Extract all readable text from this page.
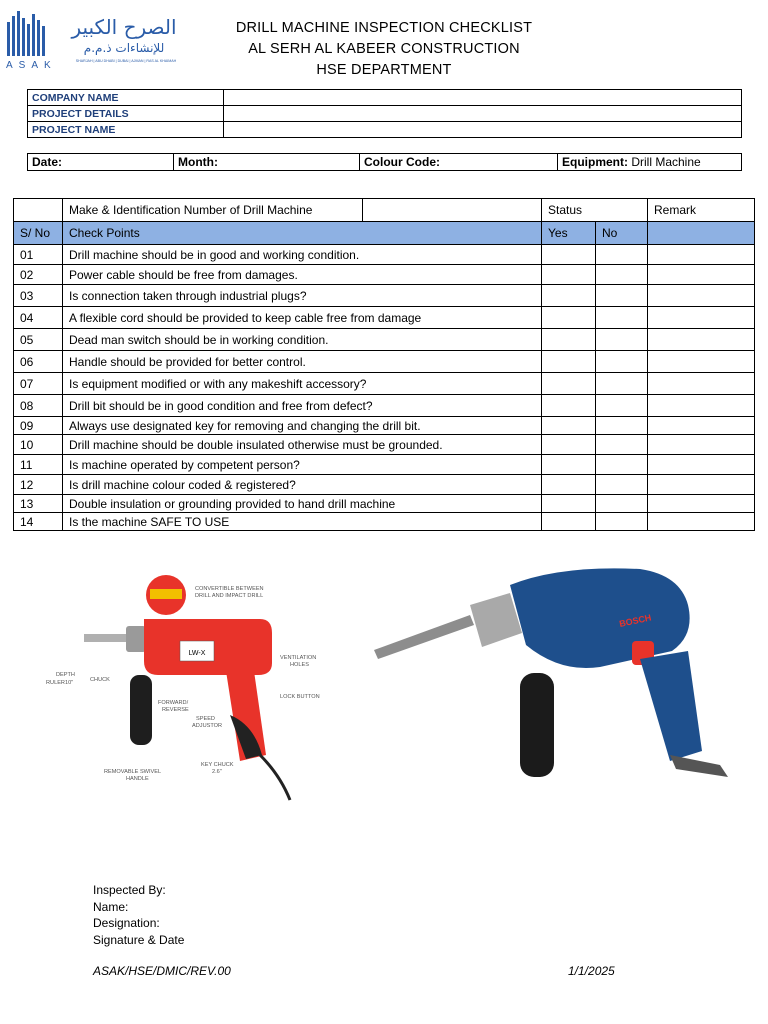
ASAK
الصرح الكبير
للإنشاءات ذ.م.م
SHARJAH | ABU DHABI | DUBAI | AJMAN | RAS AL KHAIMAH
DRILL MACHINE INSPECTION CHECKLIST
AL SERH AL KABEER CONSTRUCTION
HSE DEPARTMENT
COMPANY NAME	
PROJECT DETAILS	
PROJECT NAME	
Date:	Month:	Colour Code:	Equipment: Drill Machine
	Make & Identification Number of Drill Machine		Status		Remark
S/ No	Check Points		Yes	No	
01	Drill machine should be in good and working condition.				
02	Power cable should be free from damages.				
03	Is connection taken through industrial plugs?				
04	A flexible cord should be provided to keep cable free from damage				
05	Dead man switch should be in working condition.				
06	Handle should be provided for better control.				
07	Is equipment modified or with any makeshift accessory?				
08	Drill bit should be in good condition and free from defect?				
09	Always use designated key for removing and changing the drill bit.				
10	Drill machine should be double insulated otherwise must be grounded.				
11	Is machine operated by competent person?				
12	Is drill machine colour coded & registered?				
13	Double insulation or grounding provided to hand drill machine				
14	Is the machine SAFE TO USE				
LW-X
CONVERTIBLE BETWEEN
DRILL AND IMPACT DRILL
VENTILATION
HOLES
DEPTH
RULER10"	CHUCK
FORWARD/
REVERSE
LOCK BUTTON
SPEED
ADJUSTOR
KEY CHUCK
2.6"
REMOVABLE SWIVEL
HANDLE
BOSCH
Inspected By:
Name:
Designation:
Signature & Date
ASAK/HSE/DMIC/REV.00	1/1/2025
